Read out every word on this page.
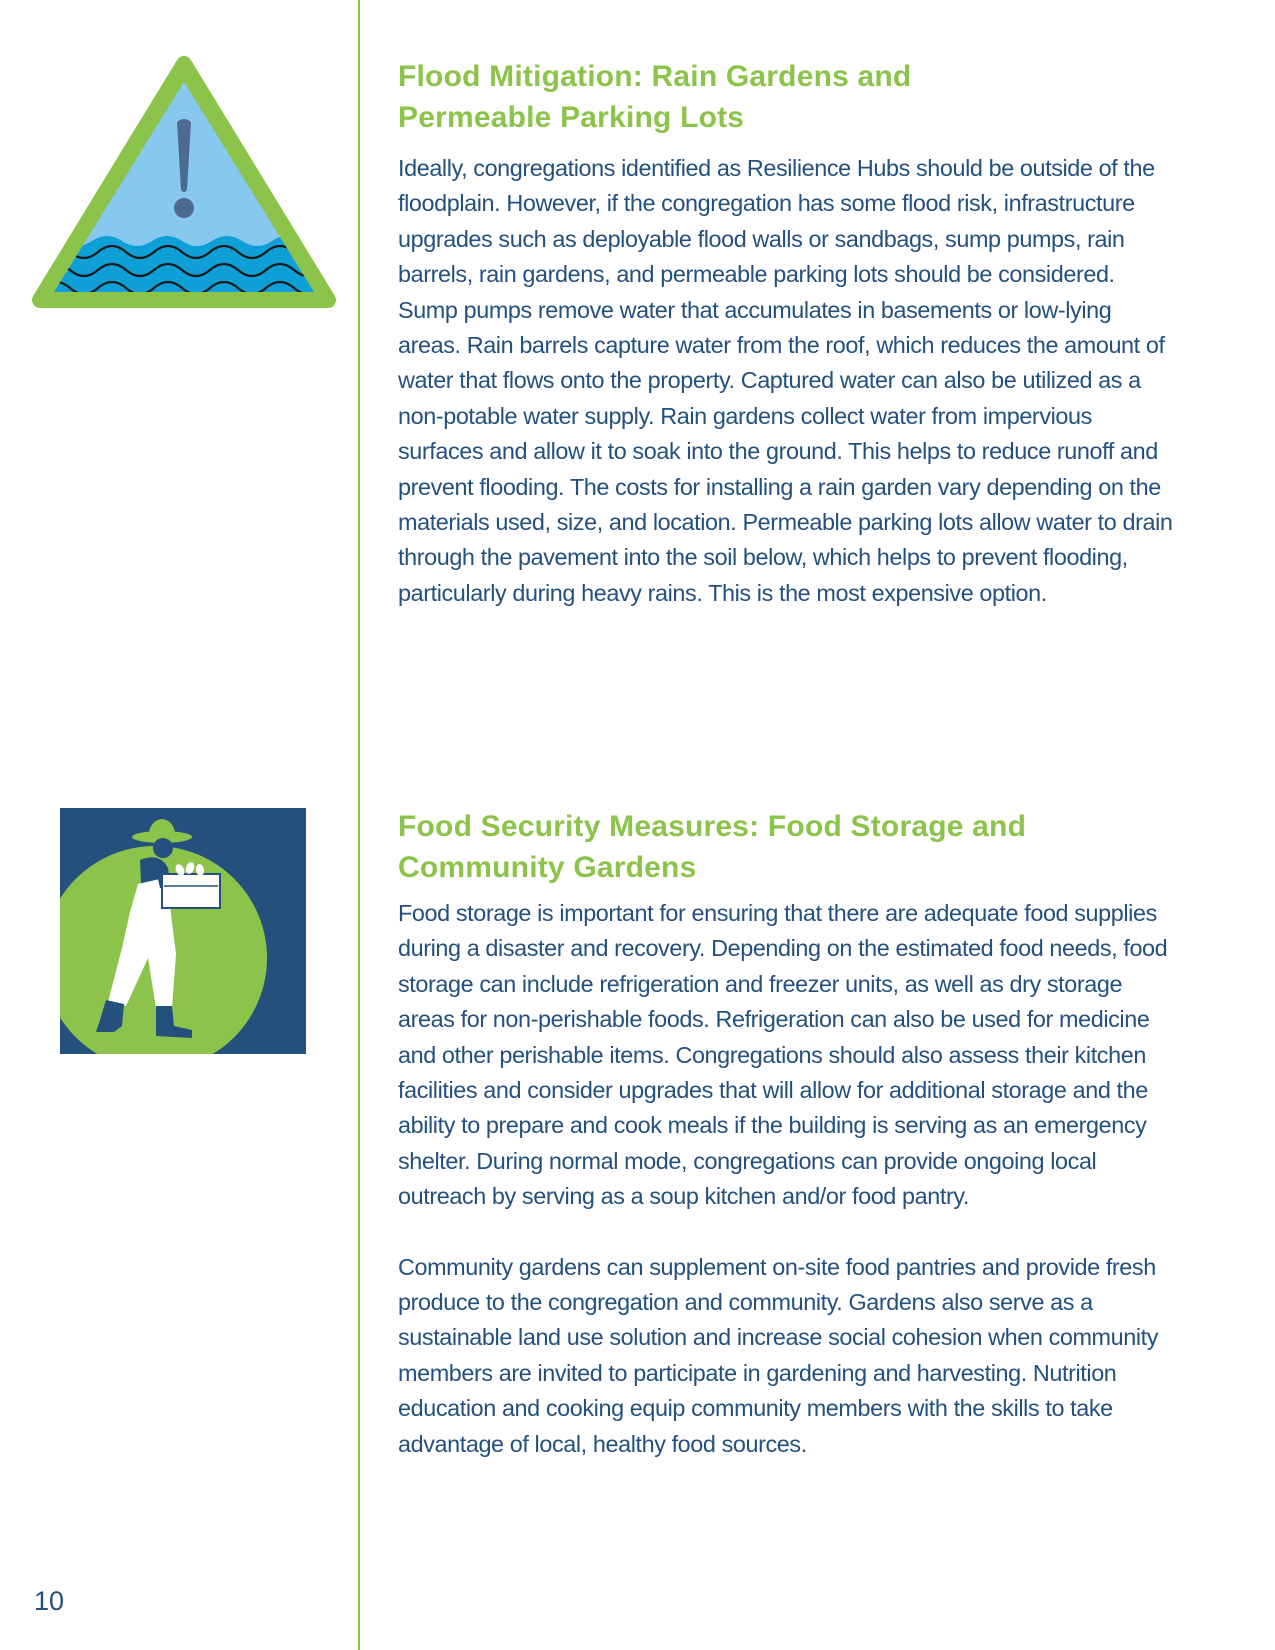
Flood Mitigation: Rain Gardens and
Permeable Parking Lots

Ideally, congregations identified as Resilience Hubs should be outside of the floodplain. However, if the congregation has some flood risk, infrastructure upgrades such as deployable flood walls or sandbags, sump pumps, rain barrels, rain gardens, and permeable parking lots should be considered. Sump pumps remove water that accumulates in basements or low-lying areas. Rain barrels capture water from the roof, which reduces the amount of water that flows onto the property. Captured water can also be utilized as a non-potable water supply. Rain gardens collect water from impervious surfaces and allow it to soak into the ground. This helps to reduce runoff and prevent flooding. The costs for installing a rain garden vary depending on the materials used, size, and location. Permeable parking lots allow water to drain through the pavement into the soil below, which helps to prevent flooding, particularly during heavy rains. This is the most expensive option.

Food Security Measures: Food Storage and
Community Gardens

Food storage is important for ensuring that there are adequate food supplies during a disaster and recovery. Depending on the estimated food needs, food storage can include refrigeration and freezer units, as well as dry storage areas for non-perishable foods. Refrigeration can also be used for medicine and other perishable items. Congregations should also assess their kitchen facilities and consider upgrades that will allow for additional storage and the ability to prepare and cook meals if the building is serving as an emergency shelter. During normal mode, congregations can provide ongoing local outreach by serving as a soup kitchen and/or food pantry.

Community gardens can supplement on-site food pantries and provide fresh produce to the congregation and community. Gardens also serve as a sustainable land use solution and increase social cohesion when community members are invited to participate in gardening and harvesting. Nutrition education and cooking equip community members with the skills to take advantage of local, healthy food sources.

10
